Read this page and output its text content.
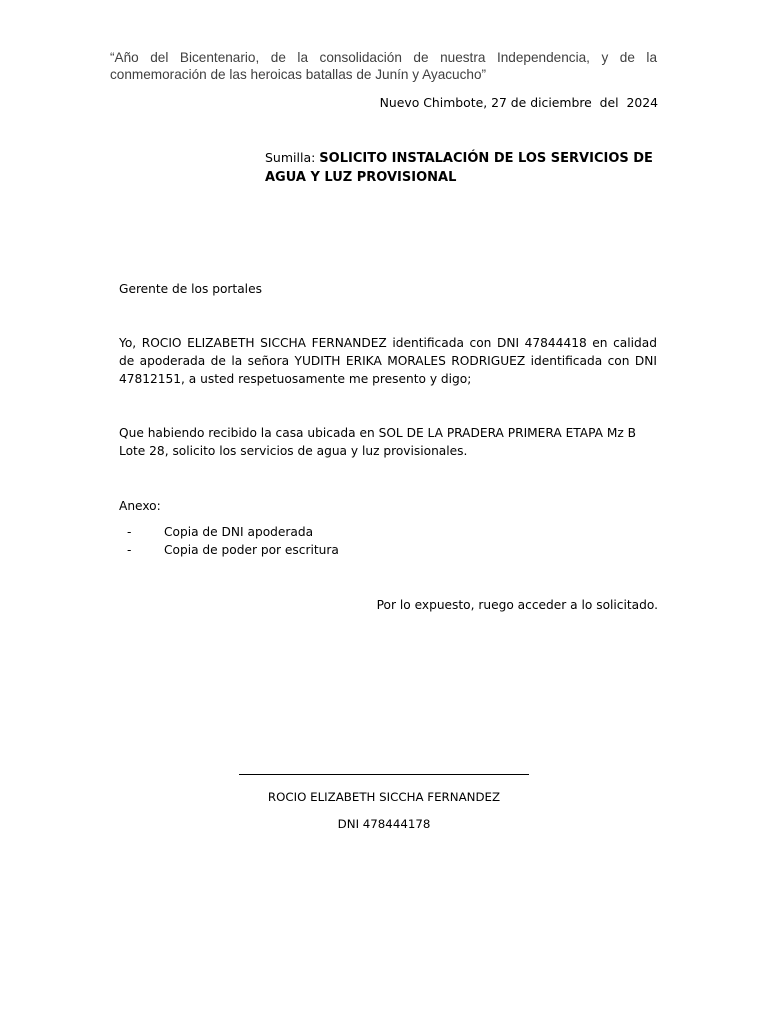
“Año del Bicentenario, de la consolidación de nuestra Independencia, y de la conmemoración de las heroicas batallas de Junín y Ayacucho”
Nuevo Chimbote, 27 de diciembre  del  2024
Sumilla: SOLICITO INSTALACIÓN DE LOS SERVICIOS DE AGUA Y LUZ PROVISIONAL
Gerente de los portales
Yo, ROCIO ELIZABETH SICCHA FERNANDEZ identificada con DNI 47844418 en calidad de apoderada de la señora YUDITH ERIKA MORALES RODRIGUEZ identificada con DNI 47812151, a usted respetuosamente me presento y digo;
Que habiendo recibido la casa ubicada en SOL DE LA PRADERA PRIMERA ETAPA Mz B Lote 28, solicito los servicios de agua y luz provisionales.
Anexo:
-	Copia de DNI apoderada
-	Copia de poder por escritura
Por lo expuesto, ruego acceder a lo solicitado.
ROCIO ELIZABETH SICCHA FERNANDEZ
DNI 478444178
